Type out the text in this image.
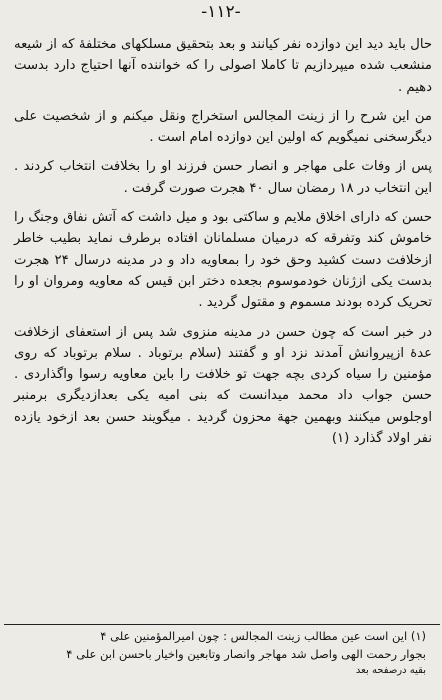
-۱۱۲-

حال باید دید این دوازده نفر کیانند و بعد بتحقیق مسلکهای مختلفهٔ که از شیعه منشعب شده میپردازیم تا کاملا اصولی را که خواننده آنها احتیاج دارد بدست دهیم .

من این شرح را از زینت المجالس استخراج ونقل میکنم و از شخصیت علی دیگرسخنی نمیگویم که اولین این دوازده امام است .

پس از وفات علی مهاجر و انصار حسن فرزند او را بخلافت انتخاب کردند . این انتخاب در ۱۸ رمضان سال ۴۰ هجرت صورت گرفت .

حسن که دارای اخلاق ملایم و ساکتی بود و میل داشت که آتش نفاق وجنگ را خاموش کند وتفرقه که درمیان مسلمانان افتاده برطرف نماید بطیب خاطر ازخلافت دست کشید وحق خود را بمعاویه داد و در مدینه درسال ۲۴ هجرت بدست یکی ازژنان خودموسوم بجعده دختر ابن قیس که معاویه ومروان او را تحریک کرده بودند مسموم و مقتول گردید .

در خبر است که چون حسن در مدینه منزوی شد پس از استعفای ازخلافت عدهٔ ازپیروانش آمدند نزد او و گفتند (سلام برتوباد . سلام برتوباد که روی مؤمنین را سیاه کردی بچه جهت تو خلافت را باین معاویه رسوا واگذاردی . حسن جواب داد محمد میدانست که بنی امیه یکی بعدازدیگری برمنبر اوجلوس میکنند وبهمین جهة محزون گردید . میگویند حسن بعد ازخود یازده نفر اولاد گذارد (۱)

(۱) این است عین مطالب زینت المجالس : چون امیرالمؤمنین علی ۴

بجوار رحمت الهی واصل شد مهاجر وانصار وتابعین واخیار باحسن ابن علی ۴

بقیه درصفحه بعد
